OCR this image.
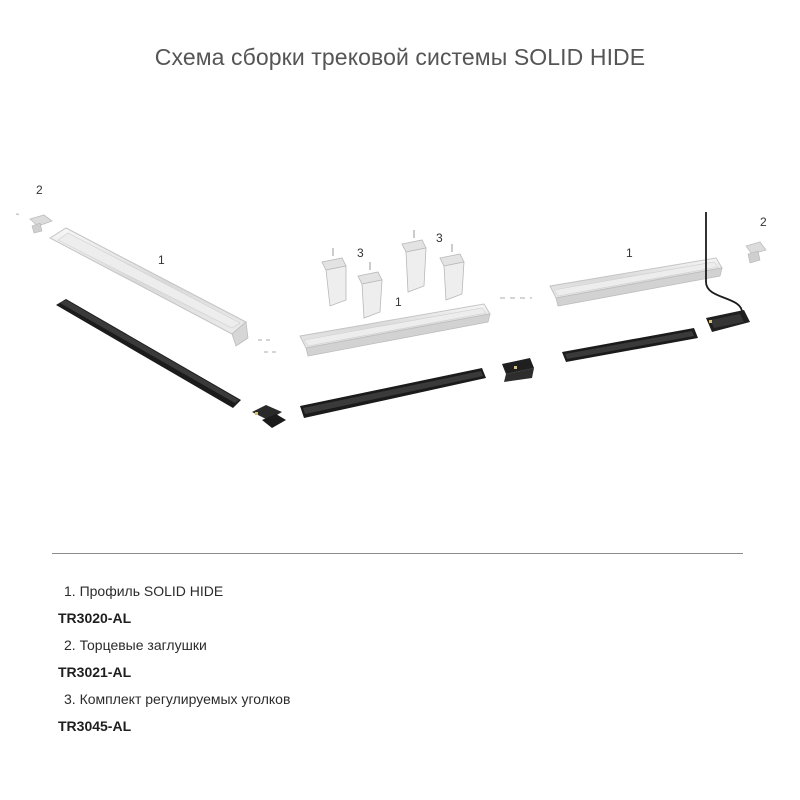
Схема сборки трековой системы SOLID HIDE
2
1	3
3
1
1
2
1. Профиль SOLID HIDE
TR3020-AL
2. Торцевые заглушки
TR3021-AL
3. Комплект регулируемых уголков
TR3045-AL
